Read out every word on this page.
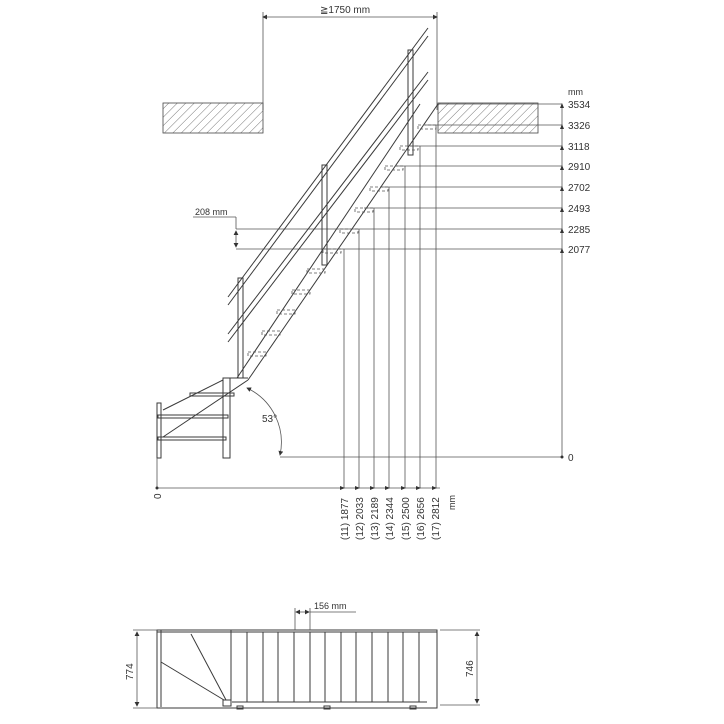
≧1750 mm
mm
3534
3326
3118
2910
2702
2493
2285
2077
0
208 mm
53°
0
(11) 1877 (12) 2033 (13) 2189 (14) 2344 (15) 2500 (16) 2656 (17) 2812 mm
156 mm
774	746
